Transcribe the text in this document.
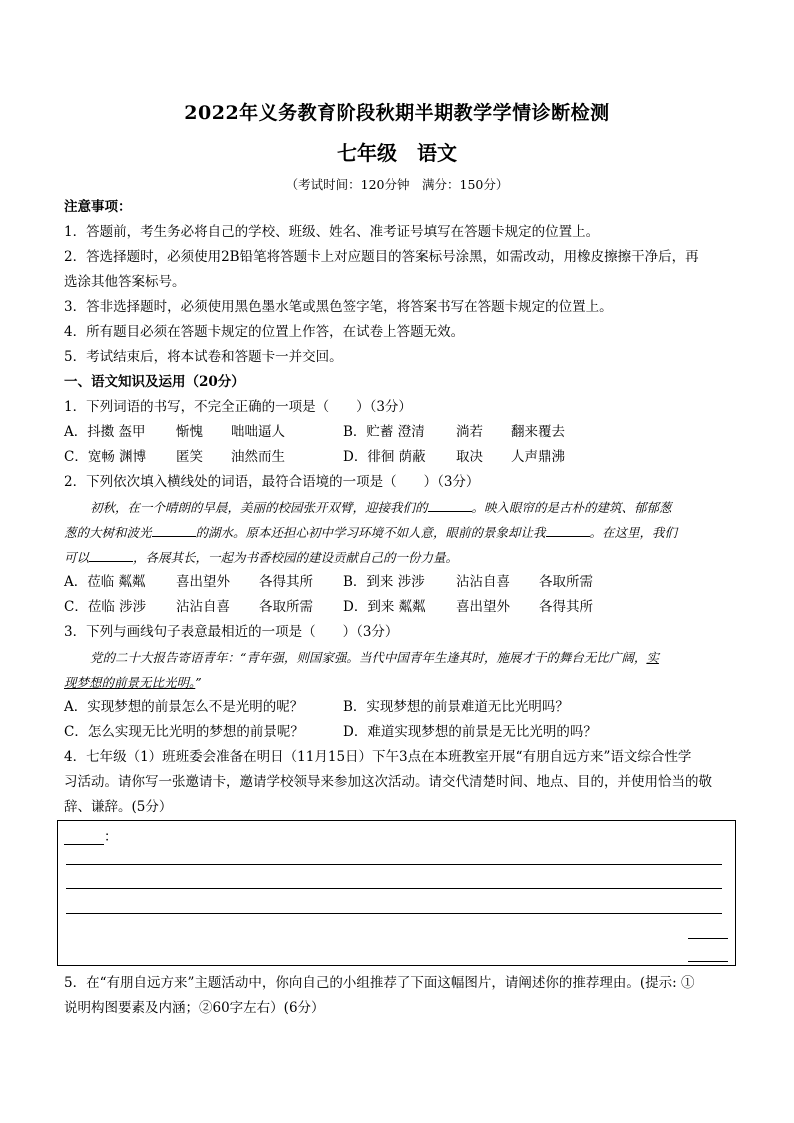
2022年义务教育阶段秋期半期教学学情诊断检测
七年级　语文
（考试时间：120分钟　满分：150分）
注意事项：
1．答题前，考生务必将自己的学校、班级、姓名、准考证号填写在答题卡规定的位置上。
2．答选择题时，必须使用2B铅笔将答题卡上对应题目的答案标号涂黑，如需改动，用橡皮擦擦干净后，再
选涂其他答案标号。
3．答非选择题时，必须使用黑色墨水笔或黑色签字笔，将答案书写在答题卡规定的位置上。
4．所有题目必须在答题卡规定的位置上作答，在试卷上答题无效。
5．考试结束后，将本试卷和答题卡一并交回。
一、语文知识及运用（20分）
1．下列词语的书写，不完全正确的一项是（　　）（3分）
A．抖擞 盔甲 惭愧 咄咄逼人	B．贮蓄 澄清 淌若 翻来覆去
C．宽畅 渊博 匿笑 油然而生	D．徘徊 荫蔽 取决 人声鼎沸
2．下列依次填入横线处的词语，最符合语境的一项是（　　）（3分）
初秋，在一个晴朗的早晨，美丽的校园张开双臂，迎接我们的	。映入眼帘的是古朴的建筑、郁郁葱
葱的大树和波光	的湖水。原本还担心初中学习环境不如人意，眼前的景象却让我	。在这里，我们
可以	，各展其长，一起为书香校园的建设贡献自己的一份力量。
A．莅临 粼粼 喜出望外 各得其所 B．到来 涉涉 沾沾自喜 各取所需
C．莅临 涉涉 沾沾自喜 各取所需 D．到来 粼粼 喜出望外 各得其所
3．下列与画线句子表意最相近的一项是（　　）（3分）
党的二十大报告寄语青年：“青年强，则国家强。当代中国青年生逢其时，施展才干的舞台无比广阔，实
现梦想的前景无比光明。”
A．实现梦想的前景怎么不是光明的呢？	B．实现梦想的前景难道无比光明吗？
C．怎么实现无比光明的梦想的前景呢？	D．难道实现梦想的前景是无比光明的吗？
4．七年级（1）班班委会准备在明日（11月15日）下午3点在本班教室开展“有朋自远方来”语文综合性学
习活动。请你写一张邀请卡，邀请学校领导来参加这次活动。请交代清楚时间、地点、目的，并使用恰当的敬
辞、谦辞。(5分）
：
5．在“有朋自远方来”主题活动中，你向自己的小组推荐了下面这幅图片，请阐述你的推荐理由。(提示: ①
说明构图要素及内涵；②60字左右）(6分）
